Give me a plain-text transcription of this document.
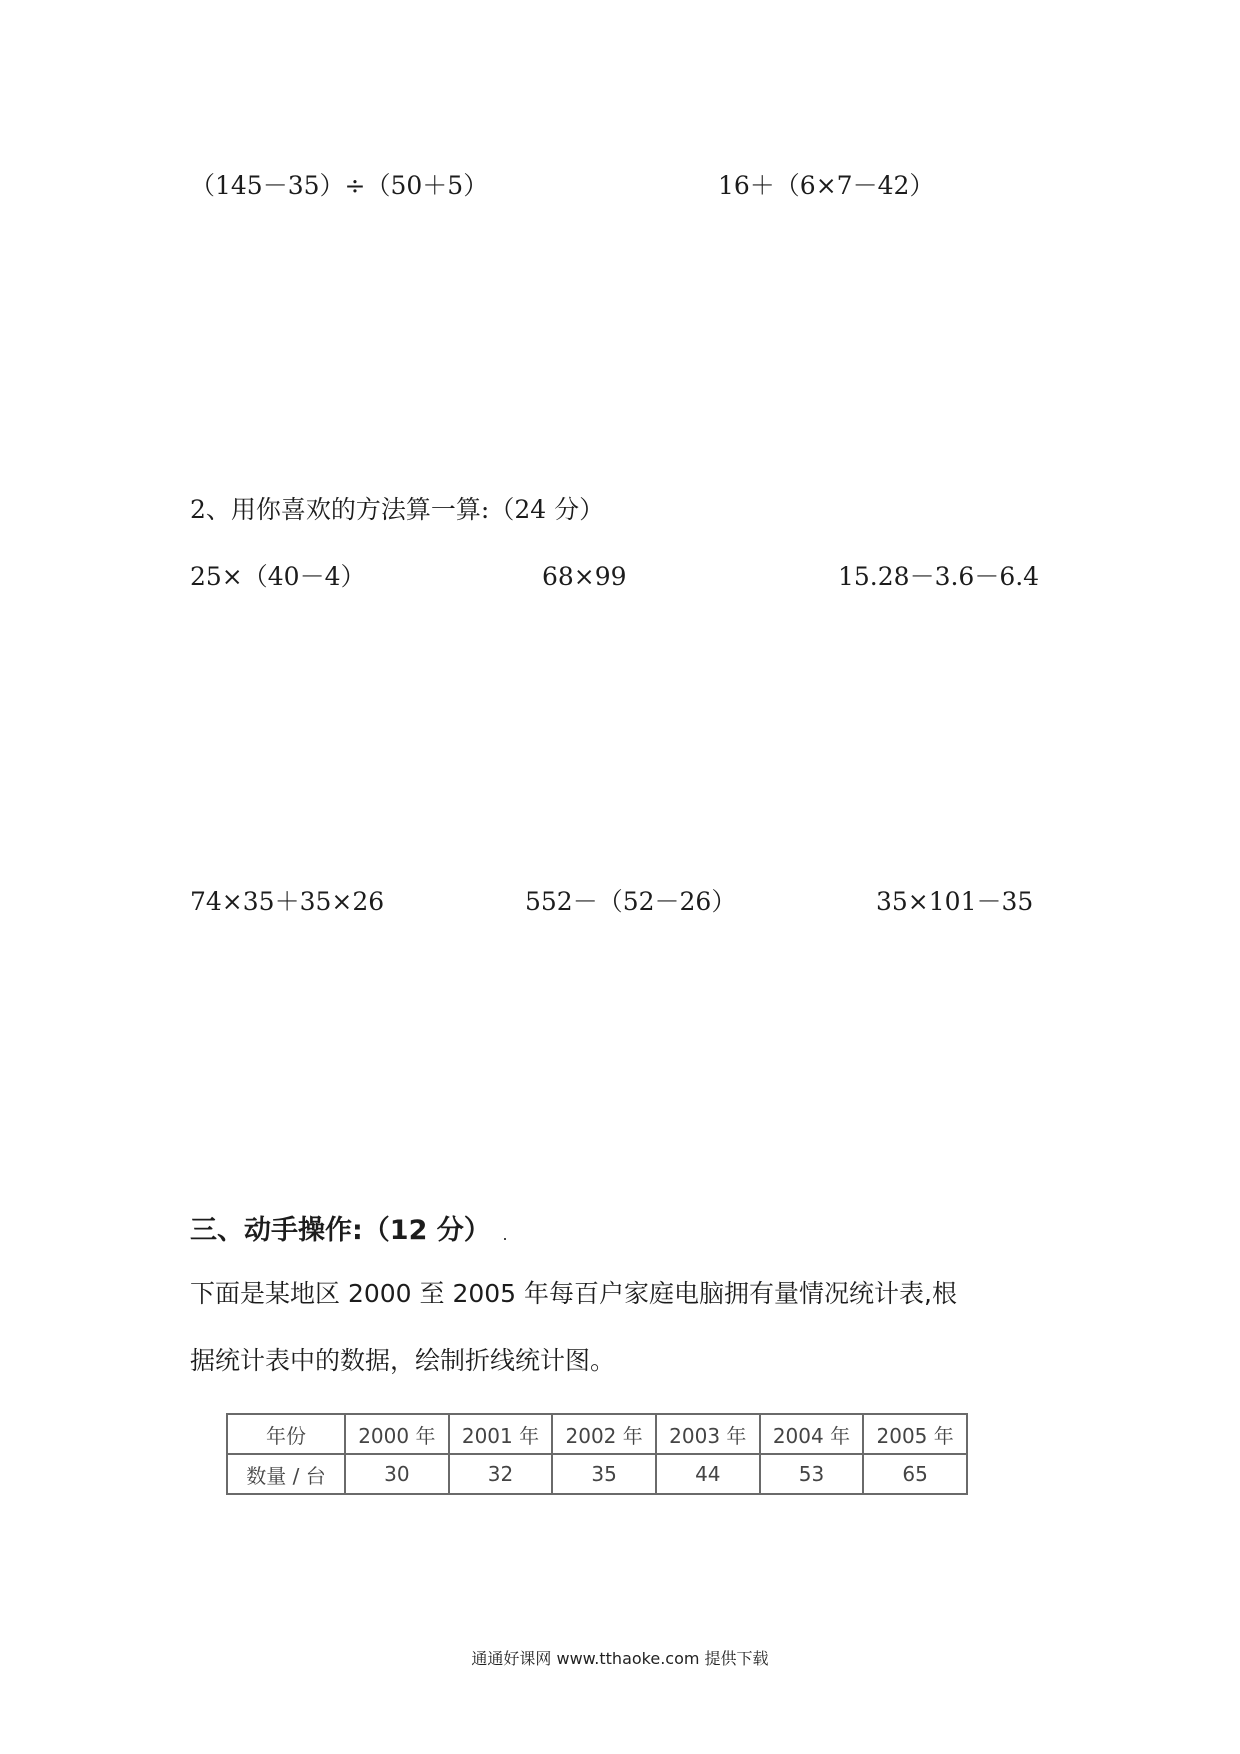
（145－35）÷（50＋5）	16＋（6×7－42）
2、用你喜欢的方法算一算:（24 分）
25×（40－4）	68×99	15.28－3.6－6.4
74×35＋35×26	552－（52－26）	35×101－35
三、动手操作:（12 分）
下面是某地区 2000 至 2005 年每百户家庭电脑拥有量情况统计表,根
据统计表中的数据，绘制折线统计图。
年份	2000 年	2001 年	2002 年	2003 年	2004 年	2005 年
数量 / 台	30	32	35	44	53	65
通通好课网 www.tthaoke.com 提供下载
